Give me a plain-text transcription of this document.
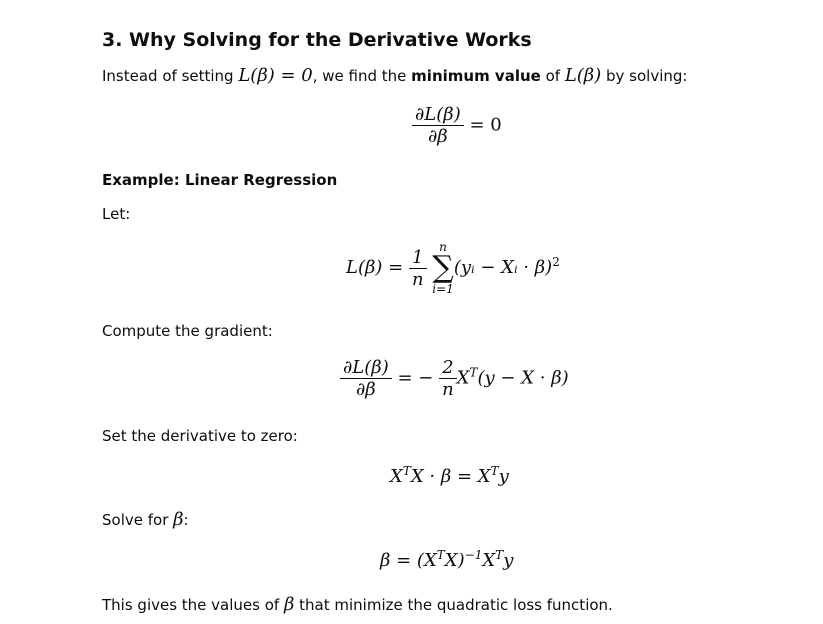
3. Why Solving for the Derivative Works

Instead of setting L(β) = 0, we find the minimum value of L(β) by solving:

$\frac{\partial L(\beta)}{\partial\beta} = 0$
Example: Linear Regression
Let:
$L(\beta) = \frac{1}{n}$
	n
∑
i=1
(yᵢ − Xᵢ · β)$^2$
Compute the gradient:
$\frac{\partial L(\beta)}{\partial\beta}$ = − $\frac{2}{n} X^T(y - X \cdot \beta)$
Set the derivative to zero:
$X^TX \cdot \beta = X^Ty$
Solve for β:
$\beta = (X^TX)^{-1}X^Ty$

This gives the values of β that minimize the quadratic loss function.
